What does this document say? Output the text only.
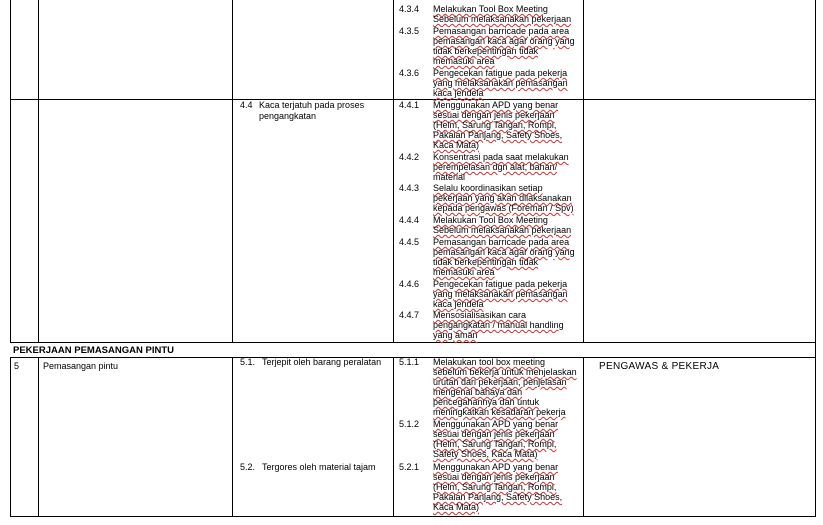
4.3.4 Melakukan Tool Box Meeting
Sebelum melaksanakan pekerjaan
4.3.5 Pemasangan barricade pada area
pemasangan kaca agar orang yang
tidak berkepentingan tidak
memasuki area
4.3.6 Pengecekan fatigue pada pekerja
yang melaksanakan pemasangan
kaca jendela
4.4 Kaca terjatuh pada proses
pengangkatan
4.4.1 Menggunakan APD yang benar
sesuai dengan jenis pekerjaan
(Helm, Sarung Tangan, Rompi,
Pakaian Panjang, Safety Shoes,
Kaca Mata)
4.4.2 Konsentrasi pada saat melakukan
perempelasan dgn alat, bahan/
material
4.4.3 Selalu koordinasikan setiap
pekerjaan yang akan dilaksanakan
kepada pengawas (Foreman / Spv)
4.4.4 Melakukan Tool Box Meeting
Sebelum melaksanakan pekerjaan
4.4.5 Pemasangan barricade pada area
pemasangan kaca agar orang yang
tidak berkepentingan tidak
memasuki area
4.4.6 Pengecekan fatigue pada pekerja
yang melaksanakan pemasangan
kaca jendela
4.4.7 Mensosialisasikan cara
pengangkatan / manual handling
yang aman
PEKERJAAN PEMASANGAN PINTU
5	Pemasangan pintu	5.1. Terjepit oleh barang peralatan
5.2. Tergores oleh material tajam
5.1.1 Melakukan tool box meeting
sebelum bekerja untuk menjelaskan
urutan dari pekerjaan, penjelasan
mengenai bahaya dan
pencegahannya dan untuk
meningkatkan kesadaran pekerja
5.1.2 Menggunakan APD yang benar
sesuai dengan jenis pekerjaan
(Helm, Sarung Tangan, Rompi,
Safety Shoes, Kaca Mata)
5.2.1 Menggunakan APD yang benar
sesuai dengan jenis pekerjaan
(Helm, Sarung Tangan, Rompi,
Pakaian Panjang, Safety Shoes,
Kaca Mata)
PENGAWAS & PEKERJA
